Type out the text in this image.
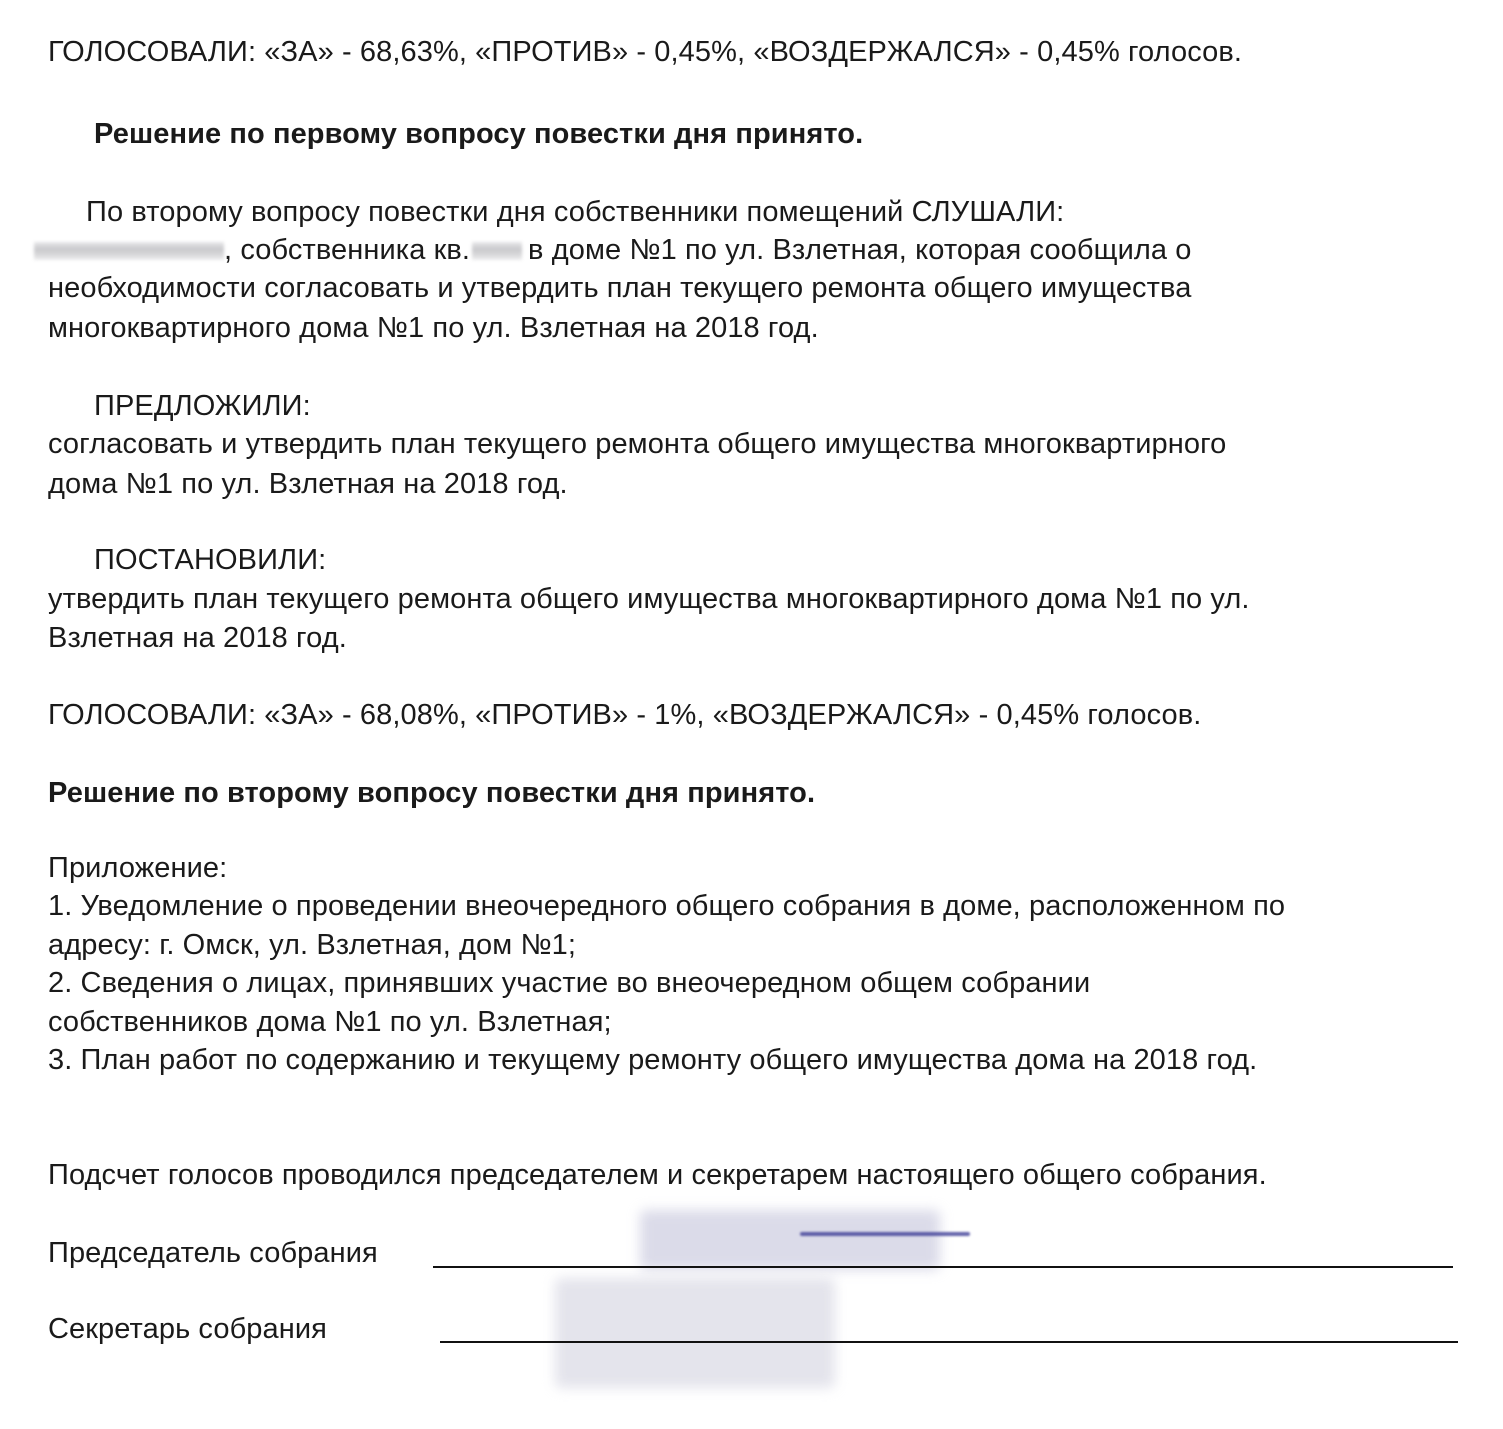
ГОЛОСОВАЛИ: «ЗА» - 68,63%, «ПРОТИВ» - 0,45%, «ВОЗДЕРЖАЛСЯ» - 0,45% голосов.
Решение по первому вопросу повестки дня принято.
По второму вопросу повестки дня собственники помещений СЛУШАЛИ:
, собственника кв. в доме №1 по ул. Взлетная, которая сообщила о
необходимости согласовать и утвердить план текущего ремонта общего имущества
многоквартирного дома №1 по ул. Взлетная на 2018 год.
ПРЕДЛОЖИЛИ:
согласовать и утвердить план текущего ремонта общего имущества многоквартирного
дома №1 по ул. Взлетная на 2018 год.
ПОСТАНОВИЛИ:
утвердить план текущего ремонта общего имущества многоквартирного дома №1 по ул.
Взлетная на 2018 год.
ГОЛОСОВАЛИ: «ЗА» - 68,08%, «ПРОТИВ» - 1%, «ВОЗДЕРЖАЛСЯ» - 0,45% голосов.
Решение по второму вопросу повестки дня принято.
Приложение:
1. Уведомление о проведении внеочередного общего собрания в доме, расположенном по
адресу: г. Омск, ул. Взлетная, дом №1;
2. Сведения о лицах, принявших участие во внеочередном общем собрании
собственников дома №1 по ул. Взлетная;
3. План работ по содержанию и текущему ремонту общего имущества дома на 2018 год.
Подсчет голосов проводился председателем и секретарем настоящего общего собрания.
Председатель собрания
Секретарь собрания
